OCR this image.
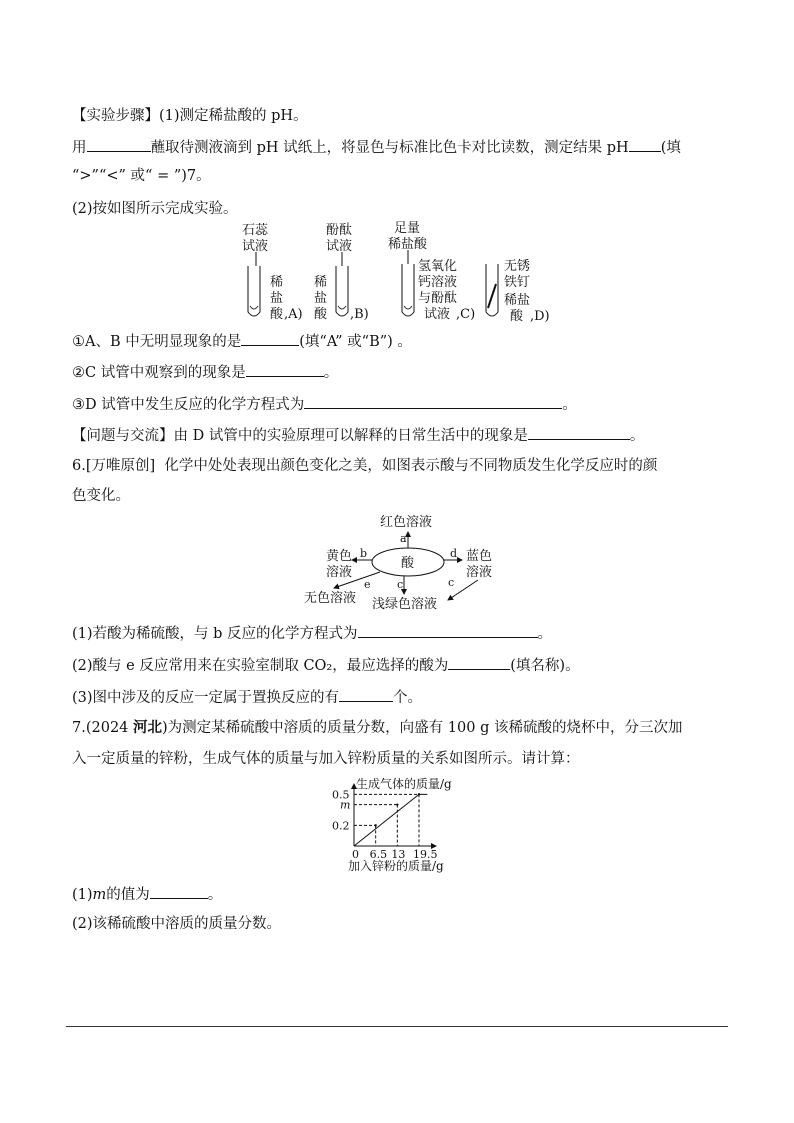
【实验步骤】(1)测定稀盐酸的 pH。
用	蘸取待测液滴到 pH 试纸上，将显色与标准比色卡对比读数，测定结果 pH (填
“>”“<” 或“ = ”)7。
(2)按如图所示完成实验。
石蕊
试液
稀
盐
酸 ,A)
酚酞
试液
稀
盐
酸 ,B)
足量
稀盐酸
氢氧化
钙溶液
与酚酞
试液 ,C)
无锈
铁钉
稀盐
酸 ,D)
①A、B 中无明显现象的是	(填“A” 或“B”) 。
②C 试管中观察到的现象是	。
③D 试管中发生反应的化学方程式为	。
【问题与交流】由 D 试管中的实验原理可以解释的日常生活中的现象是	。
6.[万唯原创] 化学中处处表现出颜色变化之美，如图表示酸与不同物质发生化学反应时的颜
色变化。
红色溶液
酸
a
b
黄色
溶液
d 蓝色
溶液
e
无色溶液
c
浅绿色溶液
c
(1)若酸为稀硫酸，与 b 反应的化学方程式为	。
(2)酸与 e 反应常用来在实验室制取 CO₂，最应选择的酸为	(填名称)。
(3)图中涉及的反应一定属于置换反应的有	个。
7.(2024 河北)为测定某稀硫酸中溶质的质量分数，向盛有 100 g 该稀硫酸的烧杯中，分三次加
入一定质量的锌粉，生成气体的质量与加入锌粉质量的关系如图所示。请计算：
生成气体的质量/g
加入锌粉的质量/g
0 6.5 13 19.5
0.2
m
0.5
(1)m的值为	。
(2)该稀硫酸中溶质的质量分数。
